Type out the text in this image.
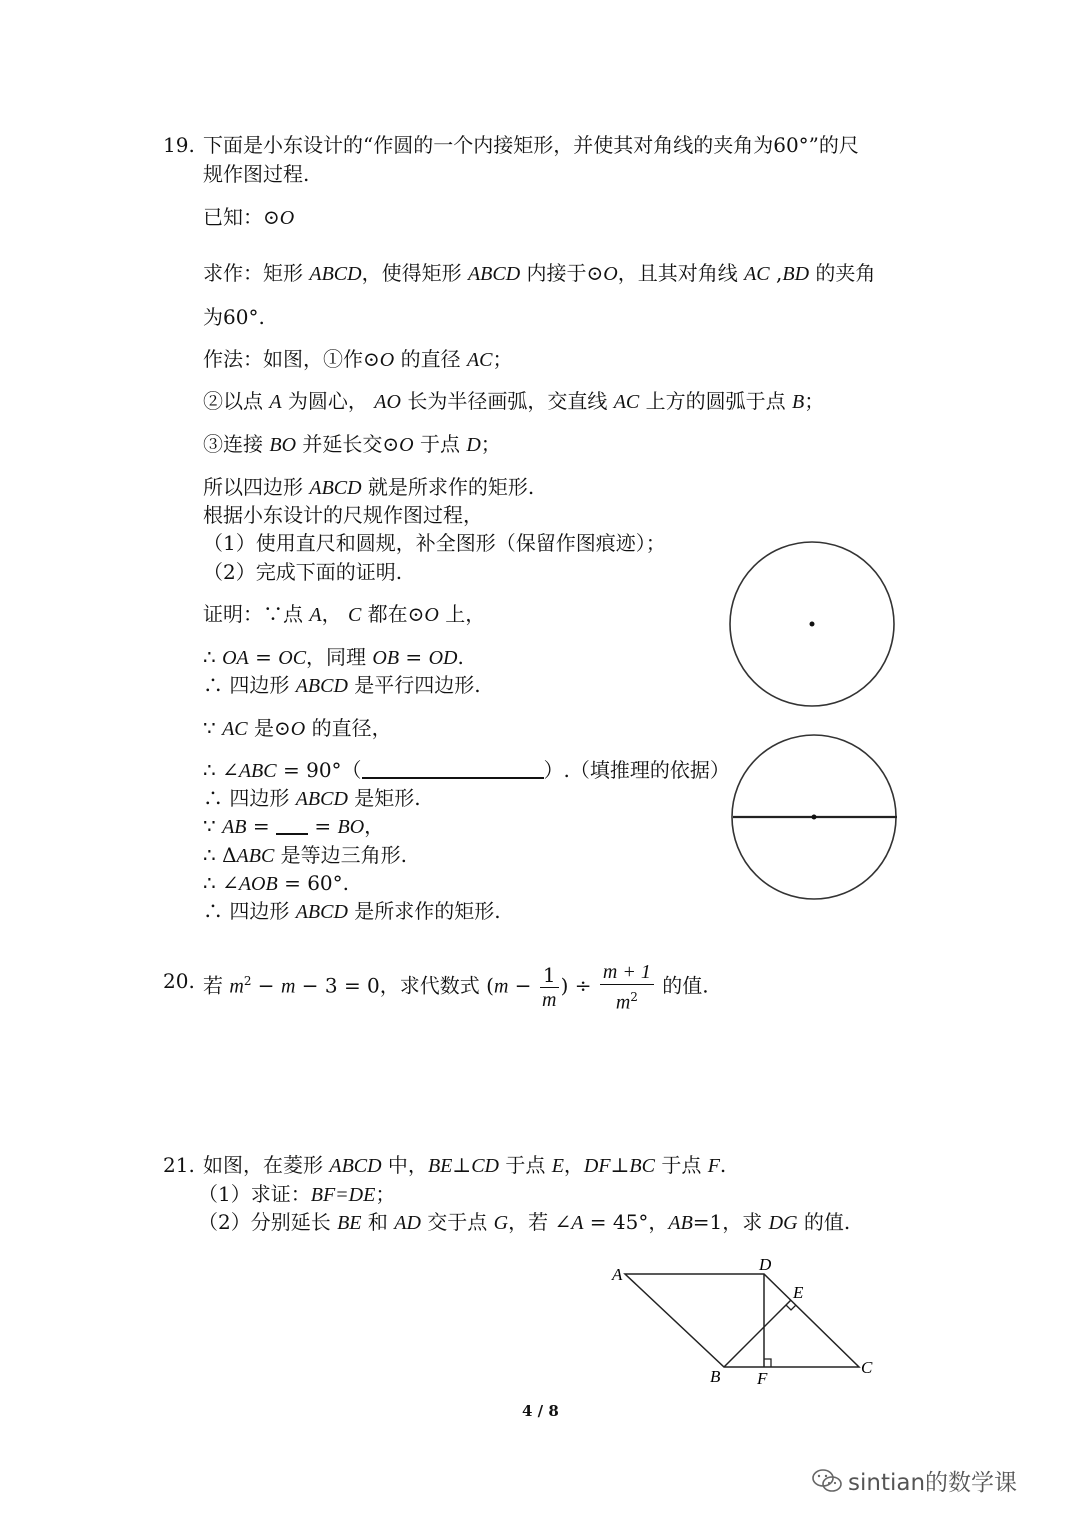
19. 下面是小东设计的“作圆的一个内接矩形，并使其对角线的夹角为60°”的尺
规作图过程.
已知：⊙O
求作：矩形 ABCD，使得矩形 ABCD 内接于⊙O，且其对角线 AC ,BD 的夹角
为60°.
作法：如图，①作⊙O 的直径 AC；
②以点 A 为圆心， AO 长为半径画弧，交直线 AC 上方的圆弧于点 B；
③连接 BO 并延长交⊙O 于点 D；
所以四边形 ABCD 就是所求作的矩形.
根据小东设计的尺规作图过程，
（1）使用直尺和圆规，补全图形（保留作图痕迹）；
（2）完成下面的证明.
证明：∵点 A， C 都在⊙O 上，
∴ OA = OC，同理 OB = OD.
∴ 四边形 ABCD 是平行四边形.
∵ AC 是⊙O 的直径，
∴ ∠ABC = 90°（	）.（填推理的依据）
∴ 四边形 ABCD 是矩形.
∵ AB =  = BO，
∴ ΔABC 是等边三角形.
∴ ∠AOB = 60°.
∴ 四边形 ABCD 是所求作的矩形.
20. 若 $m^2 - m - 3 = 0$，求代数式 ($m - \frac{1}{m}$ ) ÷ $\frac{m + 1}{m^2}$ 的值.
21. 如图，在菱形 ABCD 中，BE⊥CD 于点 E，DF⊥BC 于点 F.
（1）求证：BF=DE；
（2）分别延长 BE 和 AD 交于点 G，若 ∠A = 45°，AB=1，求 DG 的值.
A
D
E
B F
C
4 / 8
sintian的数学课
